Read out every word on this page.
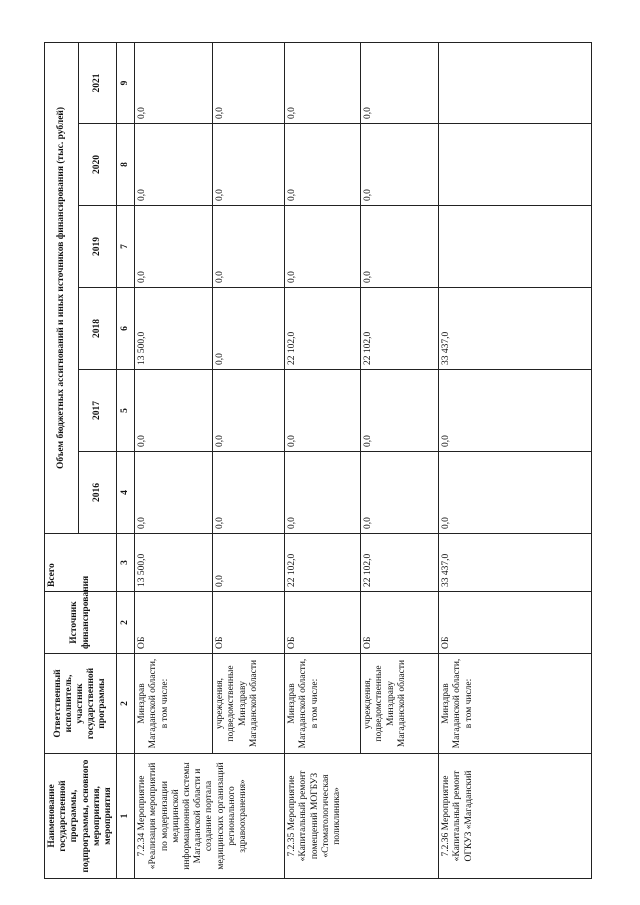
Наименование государственной программы, подпрограммы, основного мероприятия, мероприятия	Ответственный исполнитель, участник государственной программы	Источник финансирования	Всего	Объем бюджетных ассигнований и иных источников финансирования (тыс. рублей)					
				2016	2017	2018	2019	2020	2021
1	2	2	3	4	5	6	7	8	9
7.2.34 Мероприятие «Реализация мероприятий по модернизации медицинской информационной системы Магаданской области и создание портала медицинских организаций регионального здравоохранения»	Минздрав Магаданской области, в том числе:	ОБ	13 500,0	0,0	0,0	13 500,0	0,0	0,0	0,0
	учреждения, подведомственные Минздраву Магаданской области	ОБ	0,0	0,0	0,0	0,0	0,0	0,0	0,0
7.2.35 Мероприятие «Капитальный ремонт помещений МОГБУЗ «Стоматологическая поликлиника»	Минздрав Магаданской области, в том числе:	ОБ	22 102,0	0,0	0,0	22 102,0	0,0	0,0	0,0
	учреждения, подведомственные Минздраву Магаданской области	ОБ	22 102,0	0,0	0,0	22 102,0	0,0	0,0	0,0
7.2.36 Мероприятие «Капитальный ремонт ОГКУЗ «Магаданский	Минздрав Магаданской области, в том числе:	ОБ	33 437,0	0,0	0,0	33 437,0			
